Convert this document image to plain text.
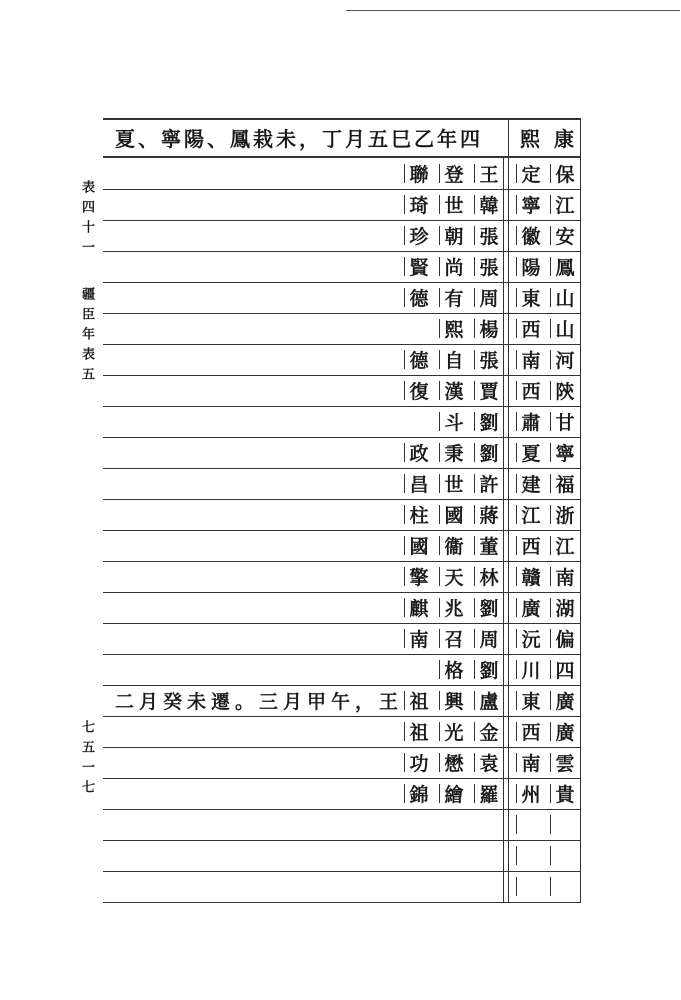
表四十一
疆臣年表五
七五一七
夏、寧陽、鳳栽未，丁月五巳乙年四	熙 康
保
定
王
登
聯
江
寧
韓
世
琦
安
徽
張
朝
珍
鳳
陽
張
尚
賢
山
東
周
有
德
山
西
楊
熙
河
南
張
自
德
陝
西
賈
漢
復
甘
肅
劉
斗
寧
夏
劉
秉
政
福
建
許
世
昌
浙
江
蔣
國
柱
江
西
董
衞
國
南
贛
林
天
擎
湖
廣
劉
兆
麒
偏
沅
周
召
南
四
川
劉
格
廣
東
盧
興
祖
二月癸未遷。三月甲午，王
廣
西
金
光
祖
雲
南
袁
懋
功
貴
州
羅
繪
錦
